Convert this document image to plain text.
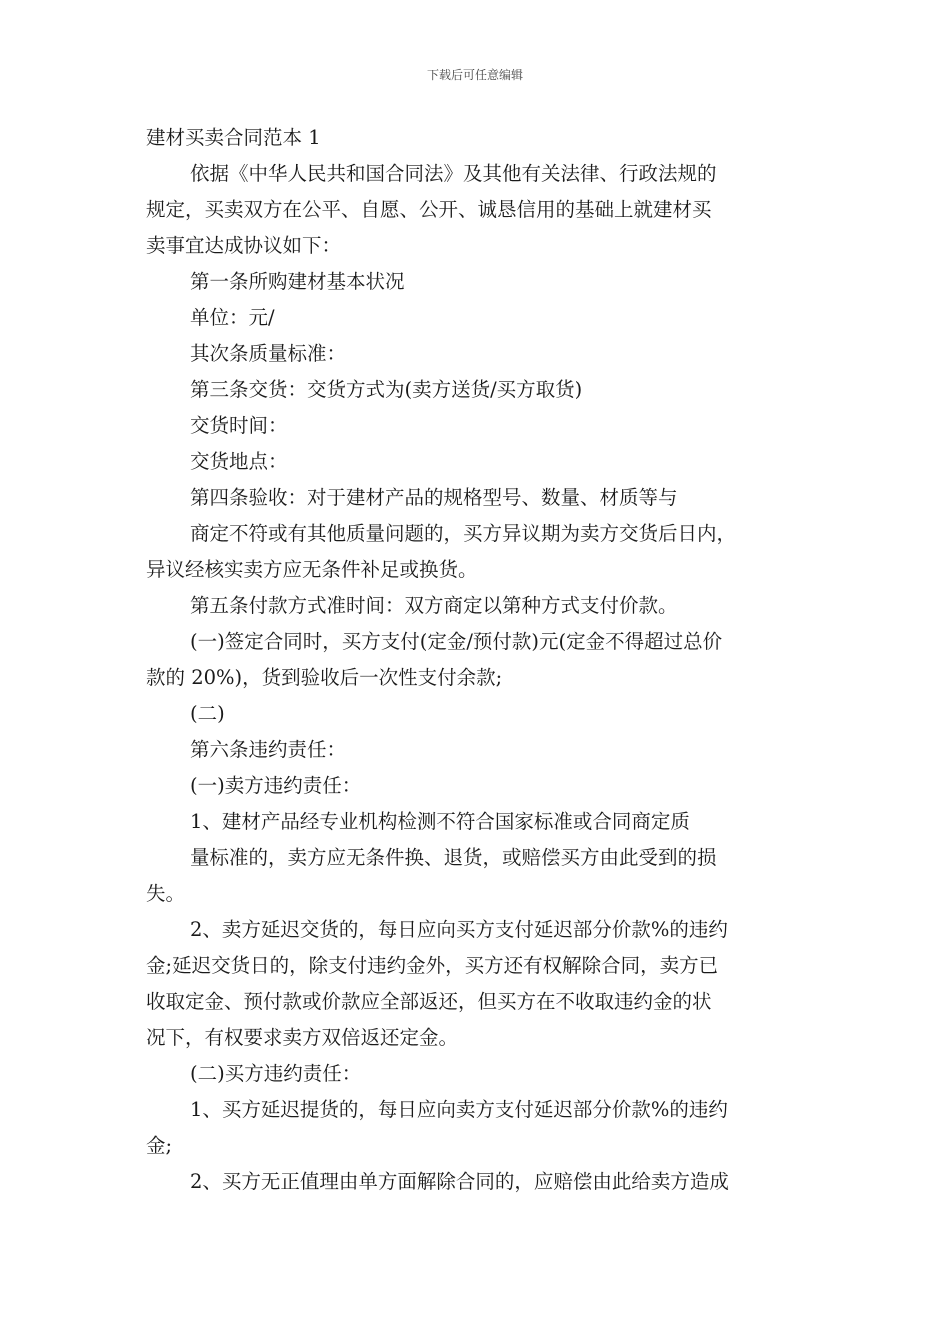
下载后可任意编辑
建材买卖合同范本 1
依据《中华人民共和国合同法》及其他有关法律、行政法规的
规定，买卖双方在公平、自愿、公开、诚恳信用的基础上就建材买
卖事宜达成协议如下：
第一条所购建材基本状况
单位：元/
其次条质量标准：
第三条交货：交货方式为(卖方送货/买方取货)
交货时间：
交货地点：
第四条验收：对于建材产品的规格型号、数量、材质等与
商定不符或有其他质量问题的，买方异议期为卖方交货后日内，
异议经核实卖方应无条件补足或换货。
第五条付款方式准时间：双方商定以第种方式支付价款。
(一)签定合同时，买方支付(定金/预付款)元(定金不得超过总价
款的 20%)，货到验收后一次性支付余款;
(二)
第六条违约责任：
(一)卖方违约责任：
1、建材产品经专业机构检测不符合国家标准或合同商定质
量标准的，卖方应无条件换、退货，或赔偿买方由此受到的损
失。
2、卖方延迟交货的，每日应向买方支付延迟部分价款%的违约
金;延迟交货日的，除支付违约金外，买方还有权解除合同，卖方已
收取定金、预付款或价款应全部返还，但买方在不收取违约金的状
况下，有权要求卖方双倍返还定金。
(二)买方违约责任：
1、买方延迟提货的，每日应向卖方支付延迟部分价款%的违约
金;
2、买方无正值理由单方面解除合同的，应赔偿由此给卖方造成
